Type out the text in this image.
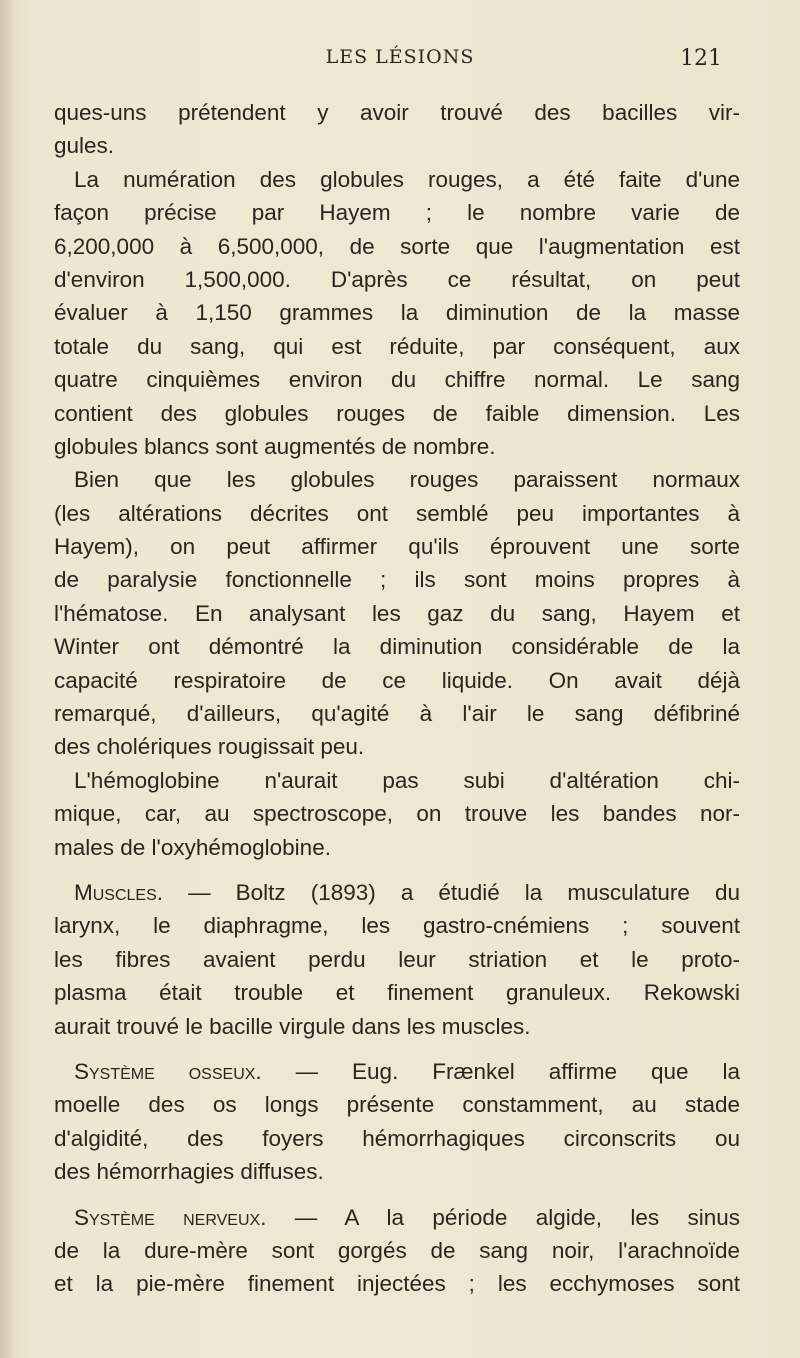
LES LÉSIONS	121
ques-uns prétendent y avoir trouvé des bacilles vir-
gules.
La numération des globules rouges, a été faite d'une
façon précise par Hayem ; le nombre varie de
6,200,000 à 6,500,000, de sorte que l'augmentation est
d'environ 1,500,000. D'après ce résultat, on peut
évaluer à 1,150 grammes la diminution de la masse
totale du sang, qui est réduite, par conséquent, aux
quatre cinquièmes environ du chiffre normal. Le sang
contient des globules rouges de faible dimension. Les
globules blancs sont augmentés de nombre.
Bien que les globules rouges paraissent normaux
(les altérations décrites ont semblé peu importantes à
Hayem), on peut affirmer qu'ils éprouvent une sorte
de paralysie fonctionnelle ; ils sont moins propres à
l'hématose. En analysant les gaz du sang, Hayem et
Winter ont démontré la diminution considérable de la
capacité respiratoire de ce liquide. On avait déjà
remarqué, d'ailleurs, qu'agité à l'air le sang défibriné
des cholériques rougissait peu.
L'hémoglobine n'aurait pas subi d'altération chi-
mique, car, au spectroscope, on trouve les bandes nor-
males de l'oxyhémoglobine.
Muscles. — Boltz (1893) a étudié la musculature du
larynx, le diaphragme, les gastro-cnémiens ; souvent
les fibres avaient perdu leur striation et le proto-
plasma était trouble et finement granuleux. Rekowski
aurait trouvé le bacille virgule dans les muscles.
Système osseux. — Eug. Frænkel affirme que la
moelle des os longs présente constamment, au stade
d'algidité, des foyers hémorrhagiques circonscrits ou
des hémorrhagies diffuses.
Système nerveux. — A la période algide, les sinus
de la dure-mère sont gorgés de sang noir, l'arachnoïde
et la pie-mère finement injectées ; les ecchymoses sont
